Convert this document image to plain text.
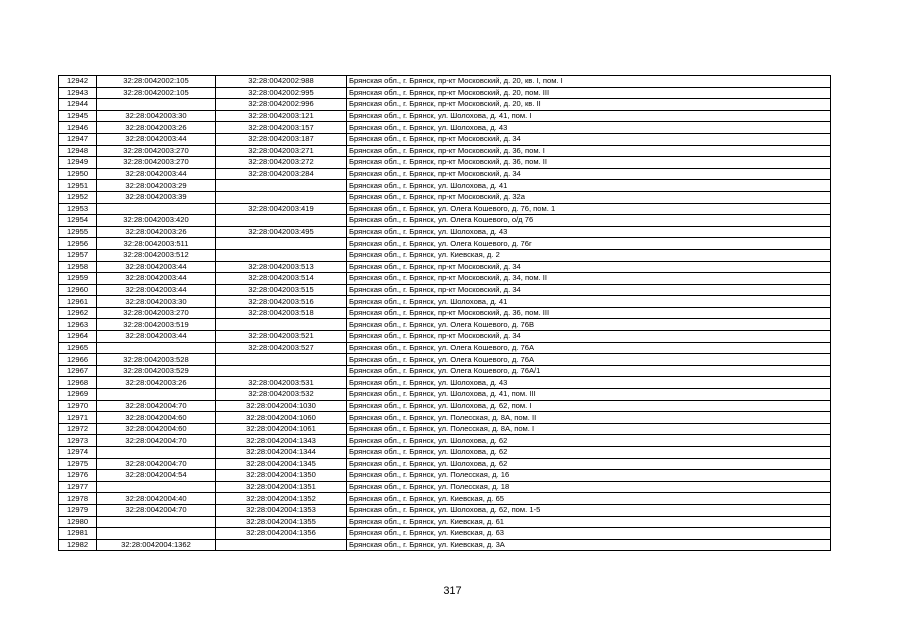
12942	32:28:0042002:105	32:28:0042002:988	Брянская обл., г. Брянск, пр-кт Московский, д. 20, кв. I, пом. I
12943	32:28:0042002:105	32:28:0042002:995	Брянская обл., г. Брянск, пр-кт Московский, д. 20, пом. III
12944		32:28:0042002:996	Брянская обл., г. Брянск, пр-кт Московский, д. 20, кв. II
12945	32:28:0042003:30	32:28:0042003:121	Брянская обл., г. Брянск, ул. Шолохова, д. 41, пом. I
12946	32:28:0042003:26	32:28:0042003:157	Брянская обл., г. Брянск, ул. Шолохова, д. 43
12947	32:28:0042003:44	32:28:0042003:187	Брянская обл., г. Брянск, пр-кт Московский, д. 34
12948	32:28:0042003:270	32:28:0042003:271	Брянская обл., г. Брянск, пр-кт Московский, д. 36, пом. I
12949	32:28:0042003:270	32:28:0042003:272	Брянская обл., г. Брянск, пр-кт Московский, д. 36, пом. II
12950	32:28:0042003:44	32:28:0042003:284	Брянская обл., г. Брянск, пр-кт Московский, д. 34
12951	32:28:0042003:29		Брянская обл., г. Брянск, ул. Шолохова, д. 41
12952	32:28:0042003:39		Брянская обл., г. Брянск, пр-кт Московский, д. 32а
12953		32:28:0042003:419	Брянская обл., г. Брянск, ул. Олега Кошевого, д. 76, пом. 1
12954	32:28:0042003:420		Брянская обл., г. Брянск, ул. Олега Кошевого, о/д 76
12955	32:28:0042003:26	32:28:0042003:495	Брянская обл., г. Брянск, ул. Шолохова, д. 43
12956	32:28:0042003:511		Брянская обл., г. Брянск, ул. Олега Кошевого, д. 76г
12957	32:28:0042003:512		Брянская обл., г. Брянск, ул. Киевская, д. 2
12958	32:28:0042003:44	32:28:0042003:513	Брянская обл., г. Брянск, пр-кт Московский, д. 34
12959	32:28:0042003:44	32:28:0042003:514	Брянская обл., г. Брянск, пр-кт Московский, д. 34, пом. II
12960	32:28:0042003:44	32:28:0042003:515	Брянская обл., г. Брянск, пр-кт Московский, д. 34
12961	32:28:0042003:30	32:28:0042003:516	Брянская обл., г. Брянск, ул. Шолохова, д. 41
12962	32:28:0042003:270	32:28:0042003:518	Брянская обл., г. Брянск, пр-кт Московский, д. 36, пом. III
12963	32:28:0042003:519		Брянская обл., г. Брянск, ул. Олега Кошевого, д. 76В
12964	32:28:0042003:44	32:28:0042003:521	Брянская обл., г. Брянск, пр-кт Московский, д. 34
12965		32:28:0042003:527	Брянская обл., г. Брянск, ул. Олега Кошевого, д. 76А
12966	32:28:0042003:528		Брянская обл., г. Брянск, ул. Олега Кошевого, д. 76А
12967	32:28:0042003:529		Брянская обл., г. Брянск, ул. Олега Кошевого, д. 76А/1
12968	32:28:0042003:26	32:28:0042003:531	Брянская обл., г. Брянск, ул. Шолохова, д. 43
12969		32:28:0042003:532	Брянская обл., г. Брянск, ул. Шолохова, д. 41, пом. III
12970	32:28:0042004:70	32:28:0042004:1030	Брянская обл., г. Брянск, ул. Шолохова, д. 62, пом. I
12971	32:28:0042004:60	32:28:0042004:1060	Брянская обл., г. Брянск, ул. Полесская, д. 8А, пом. II
12972	32:28:0042004:60	32:28:0042004:1061	Брянская обл., г. Брянск, ул. Полесская, д. 8А, пом. I
12973	32:28:0042004:70	32:28:0042004:1343	Брянская обл., г. Брянск, ул. Шолохова, д. 62
12974		32:28:0042004:1344	Брянская обл., г. Брянск, ул. Шолохова, д. 62
12975	32:28:0042004:70	32:28:0042004:1345	Брянская обл., г. Брянск, ул. Шолохова, д. 62
12976	32:28:0042004:54	32:28:0042004:1350	Брянская обл., г. Брянск, ул. Полесская, д. 16
12977		32:28:0042004:1351	Брянская обл., г. Брянск, ул. Полесская, д. 18
12978	32:28:0042004:40	32:28:0042004:1352	Брянская обл., г. Брянск, ул. Киевская, д. 65
12979	32:28:0042004:70	32:28:0042004:1353	Брянская обл., г. Брянск, ул. Шолохова, д. 62, пом. 1-5
12980		32:28:0042004:1355	Брянская обл., г. Брянск, ул. Киевская, д. 61
12981		32:28:0042004:1356	Брянская обл., г. Брянск, ул. Киевская, д. 63
12982	32:28:0042004:1362		Брянская обл., г. Брянск, ул. Киевская, д. 3А
317
